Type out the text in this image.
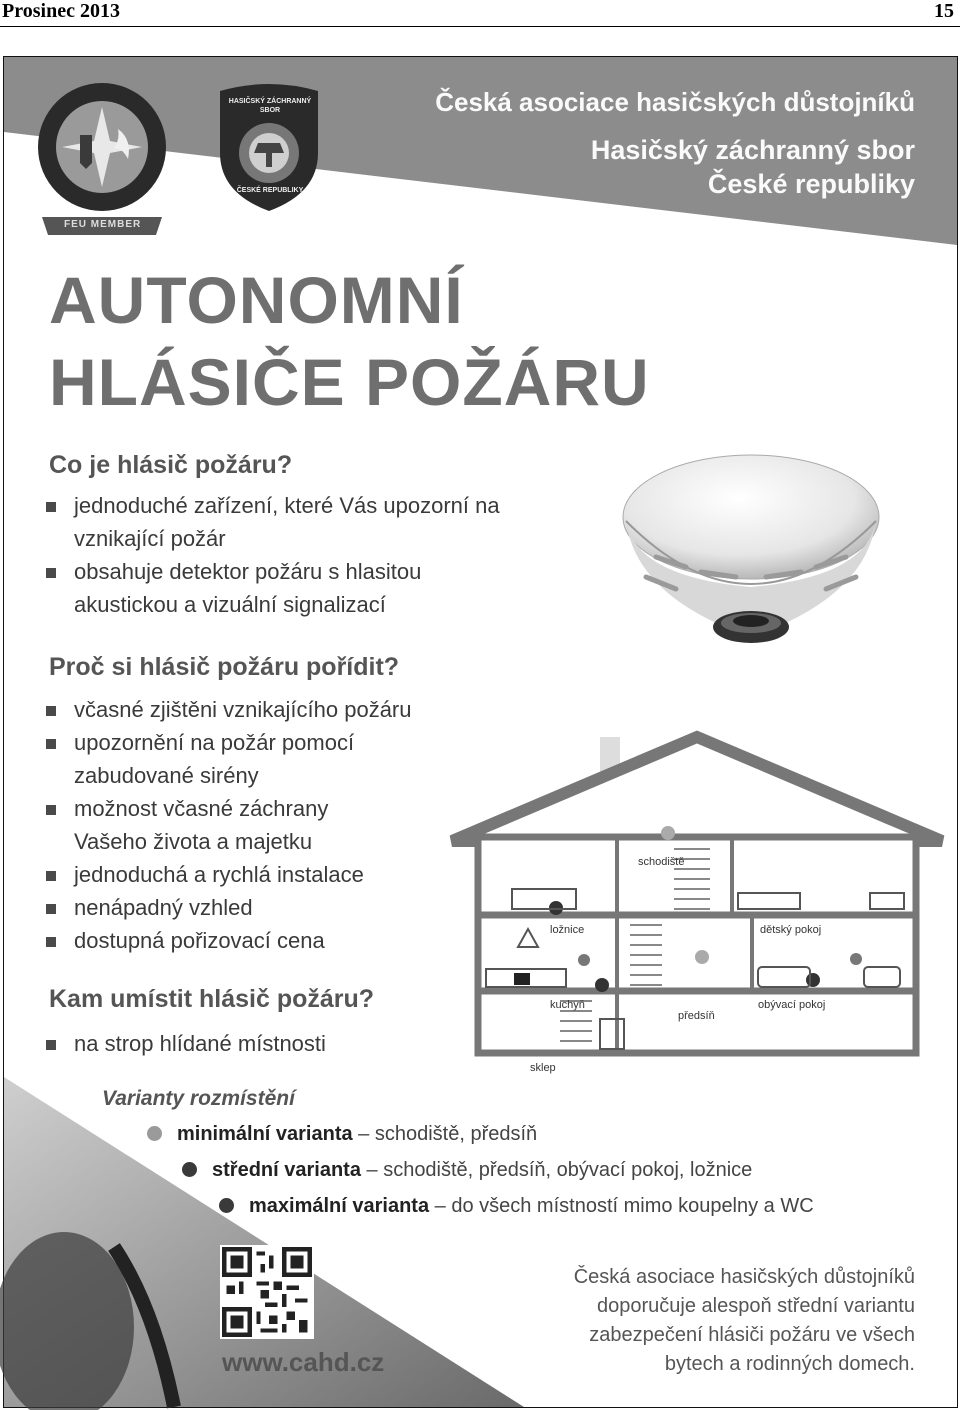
Prosinec 2013	15
FEU MEMBER
HASIČSKÝ ZÁCHRANNÝ SBOR
ČESKÉ REPUBLIKY
Česká asociace hasičských důstojníků
Hasičský záchranný sbor
České republiky
AUTONOMNÍ
HLÁSIČE POŽÁRU
Co je hlásič požáru?
jednoduché zařízení, které Vás upozorní na vznikající požár
obsahuje detektor požáru s hlasitou akustickou a vizuální signalizací
Proč si hlásič požáru pořídit?
včasné zjištěni vznikajícího požáru
upozornění na požár pomocí zabudované sirény
možnost včasné záchrany Vašeho života a majetku
jednoduchá a rychlá instalace
nenápadný vzhled
dostupná pořizovací cena
Kam umístit hlásič požáru?
na strop hlídané místnosti
schodiště
ložnice	dětský pokoj
kuchyň
předsíň
obývací pokoj
sklep
Varianty rozmístění
minimální varianta – schodiště, předsíň
střední varianta – schodiště, předsíň, obývací pokoj, ložnice
maximální varianta – do všech místností mimo koupelny a WC
www.cahd.cz
Česká asociace hasičských důstojníků
doporučuje alespoň střední variantu
zabezpečení hlásiči požáru ve všech
bytech a rodinných domech.
